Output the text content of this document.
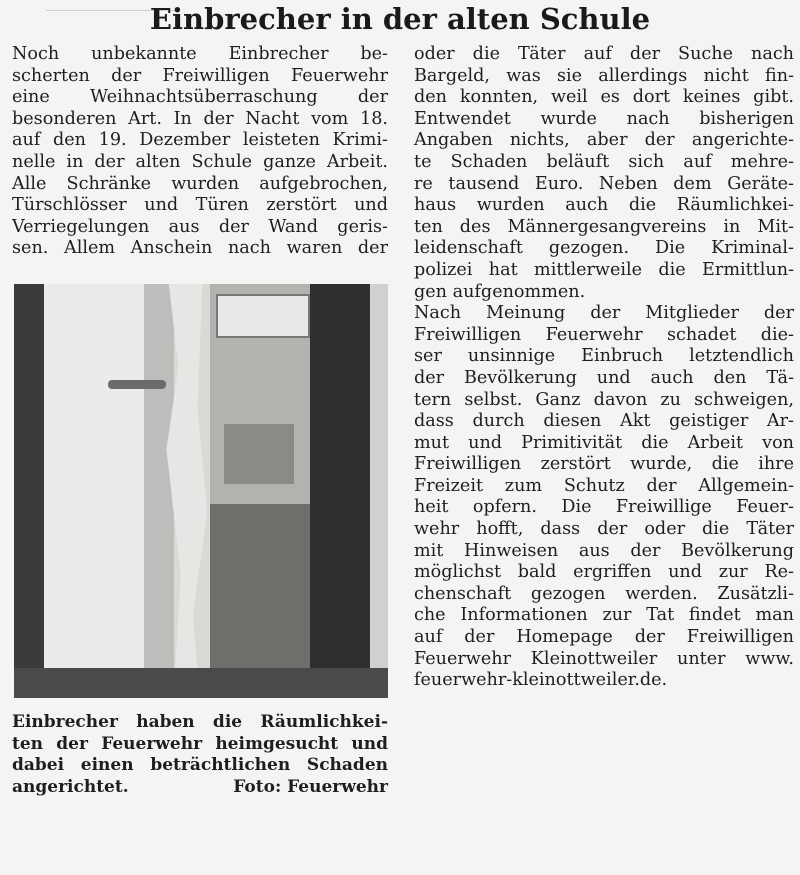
Einbrecher in der alten Schule
Noch unbekannte Einbrecher be-
scherten der Freiwilligen Feuerwehr
eine Weihnachtsüberraschung der
besonderen Art. In der Nacht vom 18.
auf den 19. Dezember leisteten Krimi-
nelle in der alten Schule ganze Arbeit.
Alle Schränke wurden aufgebrochen,
Türschlösser und Türen zerstört und
Verriegelungen aus der Wand geris-
sen. Allem Anschein nach waren der
Einbrecher haben die Räumlichkei-
ten der Feuerwehr heimgesucht und
dabei einen beträchtlichen Schaden
angerichtet.	Foto: Feuerwehr
oder die Täter auf der Suche nach
Bargeld, was sie allerdings nicht fin-
den konnten, weil es dort keines gibt.
Entwendet wurde nach bisherigen
Angaben nichts, aber der angerichte-
te Schaden beläuft sich auf mehre-
re tausend Euro. Neben dem Geräte-
haus wurden auch die Räumlichkei-
ten des Männergesangvereins in Mit-
leidenschaft gezogen. Die Kriminal-
polizei hat mittlerweile die Ermittlun-
gen aufgenommen.
Nach Meinung der Mitglieder der
Freiwilligen Feuerwehr schadet die-
ser unsinnige Einbruch letztendlich
der Bevölkerung und auch den Tä-
tern selbst. Ganz davon zu schweigen,
dass durch diesen Akt geistiger Ar-
mut und Primitivität die Arbeit von
Freiwilligen zerstört wurde, die ihre
Freizeit zum Schutz der Allgemein-
heit opfern. Die Freiwillige Feuer-
wehr hofft, dass der oder die Täter
mit Hinweisen aus der Bevölkerung
möglichst bald ergriffen und zur Re-
chenschaft gezogen werden. Zusätzli-
che Informationen zur Tat findet man
auf der Homepage der Freiwilligen
Feuerwehr Kleinottweiler unter www.
feuerwehr-kleinottweiler.de.
